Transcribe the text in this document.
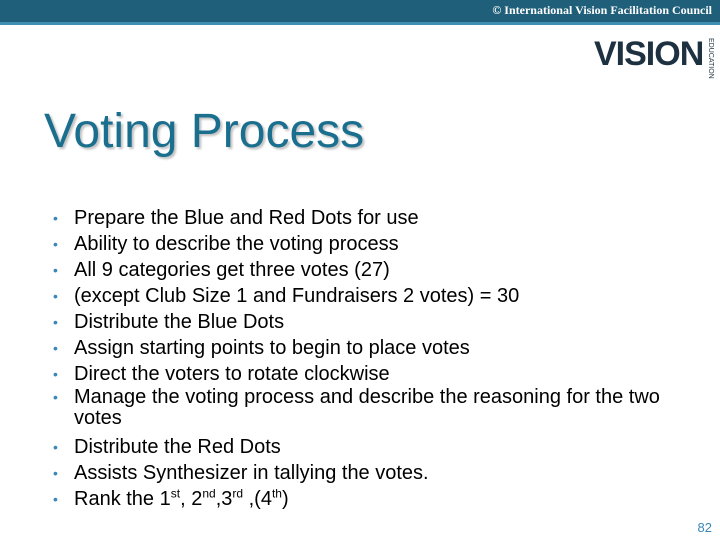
© International Vision Facilitation Council
VISION EDUCATION
Voting Process
• Prepare the Blue and Red Dots for use
• Ability to describe the voting process
• All 9 categories get three votes (27)
• (except Club Size 1 and Fundraisers 2 votes) = 30
• Distribute the Blue Dots
• Assign starting points to begin to place votes
• Direct the voters to rotate clockwise
• Manage the voting process and describe the reasoning for the two votes
• Distribute the Red Dots
• Assists Synthesizer in tallying the votes.
• Rank the 1st, 2nd,3rd ,(4th)
82
